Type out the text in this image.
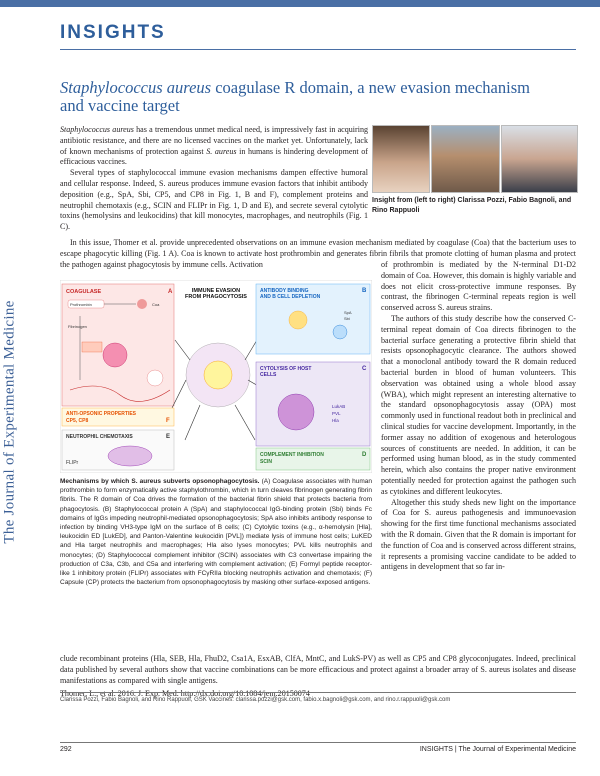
INSIGHTS
Staphylococcus aureus coagulase R domain, a new evasion mechanism and vaccine target
The Journal of Experimental Medicine

Staphylococcus aureus has a tremendous unmet medical need, is impressively fast in acquiring antibiotic resistance, and there are no licensed vaccines on the market yet. Unfortunately, lack of known mechanisms of protection against S. aureus in humans is hindering development of efficacious vaccines.

Several types of staphylococcal immune evasion mechanisms dampen effective humoral and cellular response. Indeed, S. aureus produces immune evasion factors that inhibit antibody deposition (e.g., SpA, Sbi, CP5, and CP8 in Fig. 1, B and F), complement proteins and neutrophil chemotaxis (e.g., SCIN and FLIPr in Fig. 1, D and E), and secrete several cytolytic toxins (hemolysins and leukocidins) that kill monocytes, macrophages, and neutrophils (Fig. 1 C).

Insight from (left to right) Clarissa Pozzi, Fabio Bagnoli, and Rino Rappuoli

In this issue, Thomer et al. provide unprecedented observations on an immune evasion mechanism mediated by coagulase (Coa) that the bacterium uses to escape phagocytic killing (Fig. 1 A). Coa is known to activate host prothrombin and generates fibrin fibrils that promote clotting of human plasma and protect the pathogen against phagocytosis by immune cells. Activation

COAGULASE	A
Prothrombin	Coa
Fibrinogen
IMMUNE EVASION
FROM PHAGOCYTOSIS
ANTIBODY BINDING
AND B CELL DEPLETION
B
SpA
Sbi
CYTOLYSIS OF HOST
CELLS
C
LukAB
PVL
Hla
COMPLEMENT INHIBITION
SCIN
D
ANTI-OPSONIC PROPERTIES
CP5, CP8	F
NEUTROPHIL CHEMOTAXIS	E
FLIPr
Mechanisms by which S. aureus subverts opsonophagocytosis. (A) Coagulase associates with human prothrombin to form enzymatically active staphylothrombin, which in turn cleaves fibrinogen generating fibrin fibrils. The R domain of Coa drives the formation of the bacterial fibrin shield that protects bacteria from phagocytosis. (B) Staphylococcal protein A (SpA) and staphylococcal IgG-binding protein (Sbi) binds Fc domains of IgGs impeding neutrophil-mediated opsonophagocytosis; SpA also inhibits antibody response to infection by binding VH3-type IgM on the surface of B cells; (C) Cytolytic toxins (e.g., α-hemolysin [Hla], leukocidin ED [LukED], and Panton-Valentine leukocidin [PVL]) mediate lysis of immune host cells; LuKED and Hla target neutrophils and macrophages; Hla also lyses monocytes; PVL kills neutrophils and monocytes; (D) Staphylococcal complement inhibitor (SCIN) associates with C3 convertase impairing the production of C3a, C3b, and C5a and interfering with complement activation; (E) Formyl peptide receptor-like 1 inhibitory protein (FLIPr) associates with FCγRIIa blocking neutrophils activation and chemotaxis; (F) Capsule (CP) protects the bacterium from opsonophagocytosis by masking other surface-exposed antigens.

of prothrombin is mediated by the N-terminal D1-D2 domain of Coa. However, this domain is highly variable and does not elicit cross-protective immune responses. By contrast, the fibrinogen C-terminal repeats region is well conserved across S. aureus strains.

The authors of this study describe how the conserved C-terminal repeat domain of Coa directs fibrinogen to the bacterial surface generating a protective fibrin shield that resists opsonophagocytic clearance. The authors showed that a monoclonal antibody toward the R domain reduced bacterial burden in blood of human volunteers. This observation was obtained using a whole blood assay (WBA), which might represent an interesting alternative to the standard opsonophagocytosis assay (OPA) most commonly used in functional readout both in preclinical and clinical studies for vaccine development. Importantly, in the former assay no addition of exogenous and heterologous sources of constituents are needed. In addition, it can be performed using human blood, as in the study commented herein, which also contains the proper native environment potentially needed for protection against the pathogen such as cytokines and different leukocytes.

Altogether this study sheds new light on the importance of Coa for S. aureus pathogenesis and immunoevasion showing for the first time functional mechanisms associated with the R domain. Given that the R domain is important for the function of Coa and is conserved across different strains, it represents a promising vaccine candidate to be added to antigens in development that so far in-

clude recombinant proteins (Hla, SEB, Hla, FhuD2, Csa1A, EsxAB, ClfA, MntC, and LukS-PV) as well as CP5 and CP8 glycoconjugates. Indeed, preclinical data published by several authors show that vaccine combinations can be more efficacious and protect against a broader array of S. aureus isolates and disease manifestations as compared with single antigens.

Thomer, L., et al. 2016. J. Exp. Med. http://dx.doi.org/10.1084/jem.20150074

Clarissa Pozzi, Fabio Bagnoli, and Rino Rappuoli, GSK Vaccines: clarissa.pozzi@gsk.com, fabio.x.bagnoli@gsk.com, and rino.r.rappuoli@gsk.com
292	INSIGHTS | The Journal of Experimental Medicine
